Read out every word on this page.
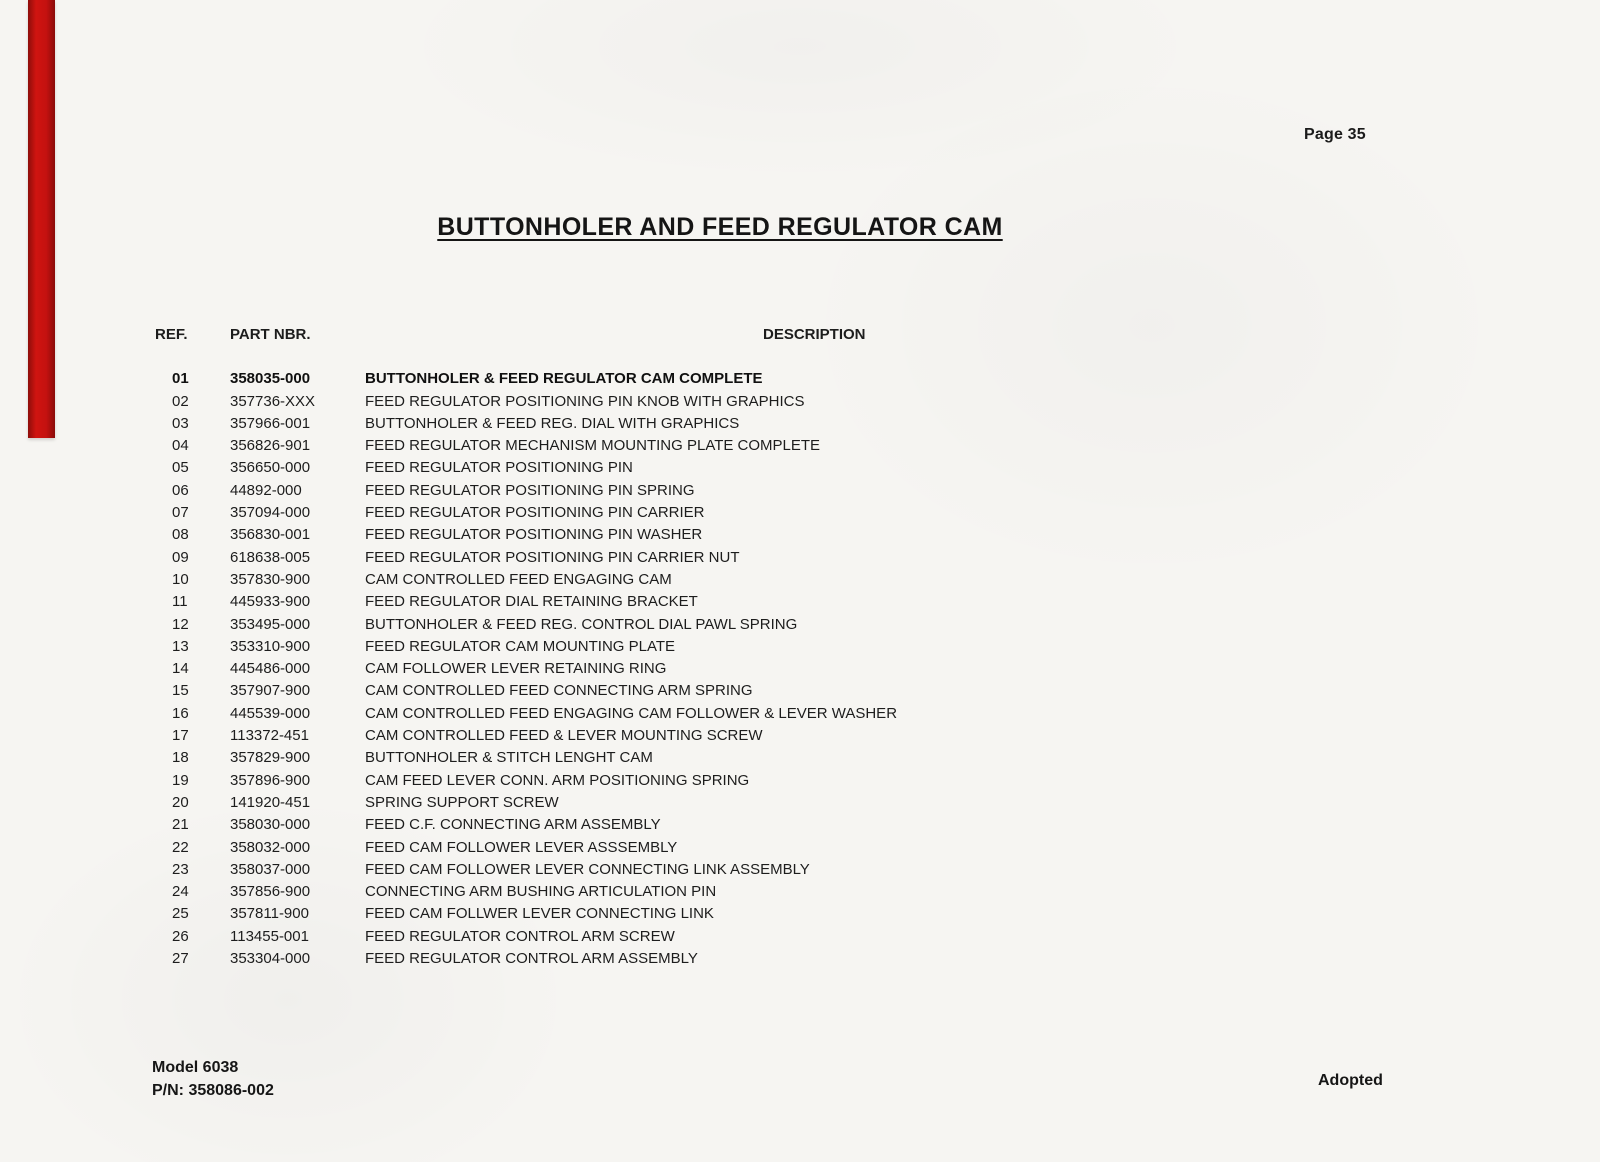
Page 35
BUTTONHOLER AND FEED REGULATOR CAM
REF.	PART NBR.	DESCRIPTION
01	358035-000	BUTTONHOLER & FEED REGULATOR CAM COMPLETE
02	357736-XXX	FEED REGULATOR POSITIONING PIN KNOB WITH GRAPHICS
03	357966-001	BUTTONHOLER & FEED REG. DIAL WITH GRAPHICS
04	356826-901	FEED REGULATOR MECHANISM MOUNTING PLATE COMPLETE
05	356650-000	FEED REGULATOR POSITIONING PIN
06	44892-000	FEED REGULATOR POSITIONING PIN SPRING
07	357094-000	FEED REGULATOR POSITIONING PIN CARRIER
08	356830-001	FEED REGULATOR POSITIONING PIN WASHER
09	618638-005	FEED REGULATOR POSITIONING PIN CARRIER NUT
10	357830-900	CAM CONTROLLED FEED ENGAGING CAM
11	445933-900	FEED REGULATOR DIAL RETAINING BRACKET
12	353495-000	BUTTONHOLER & FEED REG. CONTROL DIAL PAWL SPRING
13	353310-900	FEED REGULATOR CAM MOUNTING PLATE
14	445486-000	CAM FOLLOWER LEVER RETAINING RING
15	357907-900	CAM CONTROLLED FEED CONNECTING ARM SPRING
16	445539-000	CAM CONTROLLED FEED ENGAGING CAM FOLLOWER & LEVER WASHER
17	113372-451	CAM CONTROLLED FEED & LEVER MOUNTING SCREW
18	357829-900	BUTTONHOLER & STITCH LENGHT CAM
19	357896-900	CAM FEED LEVER CONN. ARM POSITIONING SPRING
20	141920-451	SPRING SUPPORT SCREW
21	358030-000	FEED C.F. CONNECTING ARM ASSEMBLY
22	358032-000	FEED CAM FOLLOWER LEVER ASSSEMBLY
23	358037-000	FEED CAM FOLLOWER LEVER CONNECTING LINK ASSEMBLY
24	357856-900	CONNECTING ARM BUSHING ARTICULATION PIN
25	357811-900	FEED CAM FOLLWER LEVER CONNECTING LINK
26	113455-001	FEED REGULATOR CONTROL ARM SCREW
27	353304-000	FEED REGULATOR CONTROL ARM ASSEMBLY
Model 6038
P/N: 358086-002
Adopted
